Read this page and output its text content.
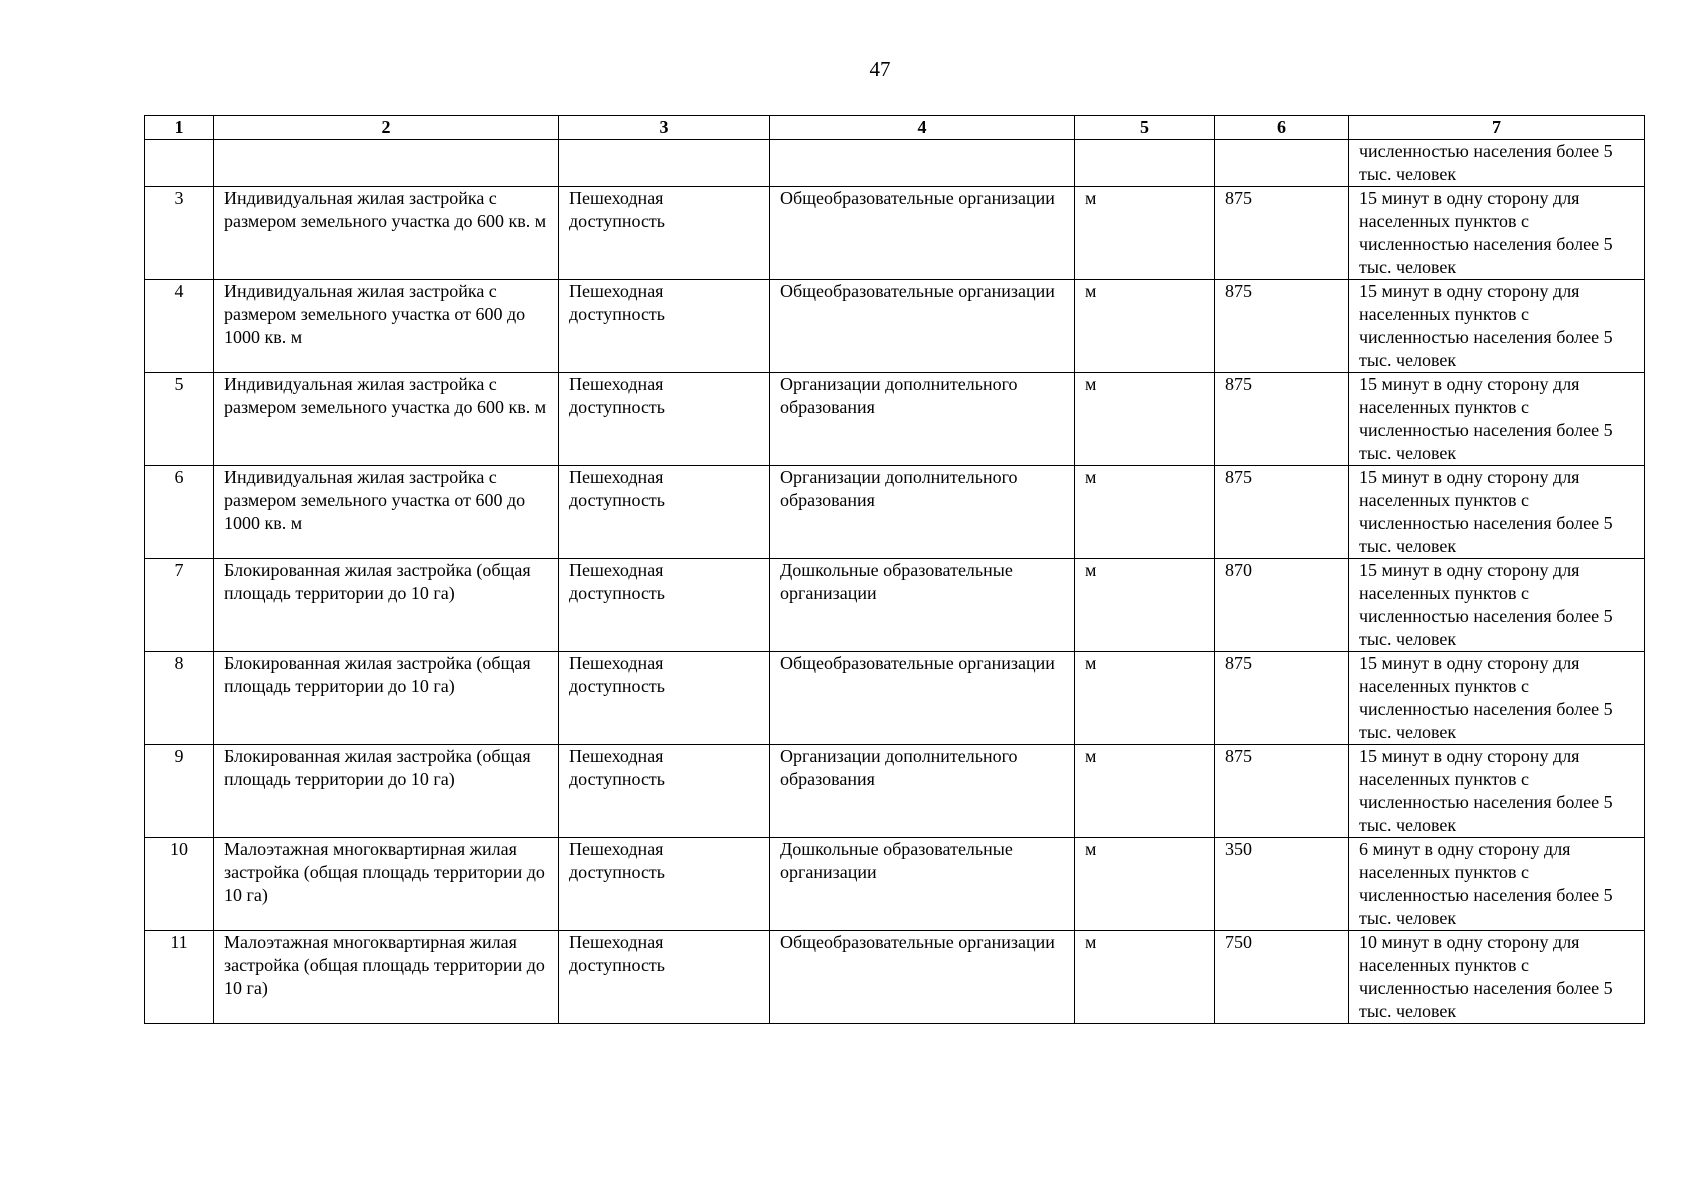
47
1	2	3	4	5	6	7
						численностью населения более 5 тыс. человек
3	Индивидуальная жилая застройка с размером земельного участка до 600 кв. м	Пешеходная доступность	Общеобразовательные организации	м	875	15 минут в одну сторону для населенных пунктов с численностью населения более 5 тыс. человек
4	Индивидуальная жилая застройка с размером земельного участка от 600 до 1000 кв. м	Пешеходная доступность	Общеобразовательные организации	м	875	15 минут в одну сторону для населенных пунктов с численностью населения более 5 тыс. человек
5	Индивидуальная жилая застройка с размером земельного участка до 600 кв. м	Пешеходная доступность	Организации дополнительного образования	м	875	15 минут в одну сторону для населенных пунктов с численностью населения более 5 тыс. человек
6	Индивидуальная жилая застройка с размером земельного участка от 600 до 1000 кв. м	Пешеходная доступность	Организации дополнительного образования	м	875	15 минут в одну сторону для населенных пунктов с численностью населения более 5 тыс. человек
7	Блокированная жилая застройка (общая площадь территории до 10 га)	Пешеходная доступность	Дошкольные образовательные организации	м	870	15 минут в одну сторону для населенных пунктов с численностью населения более 5 тыс. человек
8	Блокированная жилая застройка (общая площадь территории до 10 га)	Пешеходная доступность	Общеобразовательные организации	м	875	15 минут в одну сторону для населенных пунктов с численностью населения более 5 тыс. человек
9	Блокированная жилая застройка (общая площадь территории до 10 га)	Пешеходная доступность	Организации дополнительного образования	м	875	15 минут в одну сторону для населенных пунктов с численностью населения более 5 тыс. человек
10	Малоэтажная многоквартирная жилая застройка (общая площадь территории до 10 га)	Пешеходная доступность	Дошкольные образовательные организации	м	350	6 минут в одну сторону для населенных пунктов с численностью населения более 5 тыс. человек
11	Малоэтажная многоквартирная жилая застройка (общая площадь территории до 10 га)	Пешеходная доступность	Общеобразовательные организации	м	750	10 минут в одну сторону для населенных пунктов с численностью населения более 5 тыс. человек
